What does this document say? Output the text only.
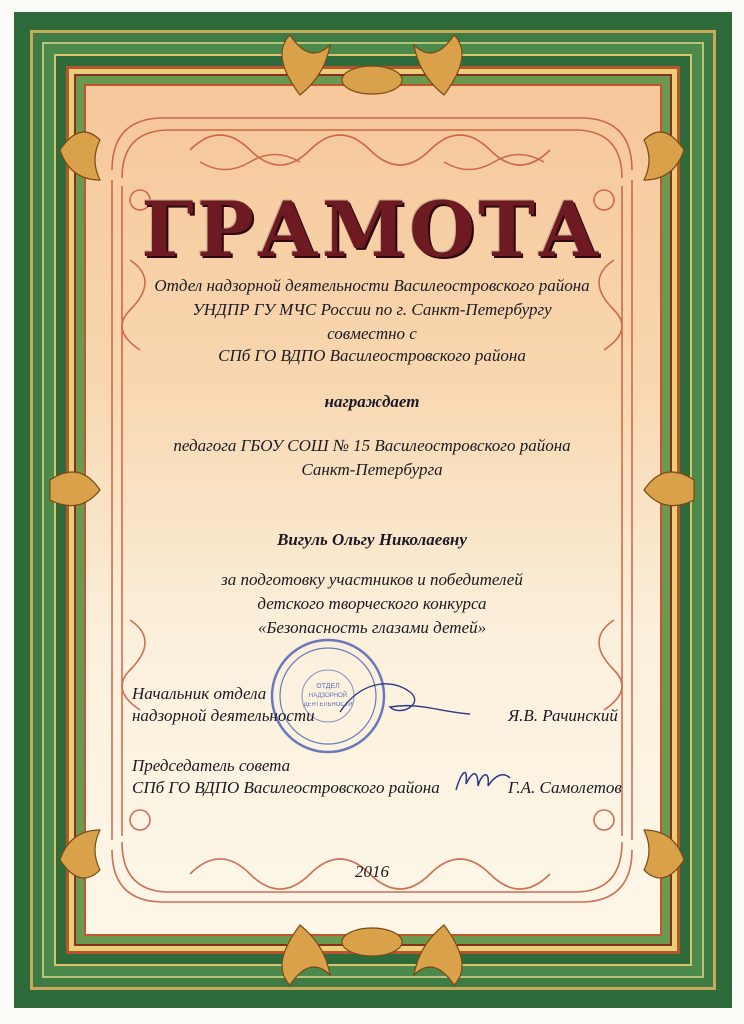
ГРАМОТА
Отдел надзорной деятельности Василеостровского района
УНДПР ГУ МЧС России по г. Санкт-Петербургу
совместно с
СПб ГО ВДПО Василеостровского района
награждает
педагога ГБОУ СОШ № 15 Василеостровского района
Санкт-Петербурга
Вигуль Ольгу Николаевну
за подготовку участников и победителей
детского творческого конкурса
«Безопасность глазами детей»
ОТДЕЛ
НАДЗОРНОЙ
ДЕЯТЕЛЬНОСТИ
Начальник отдела
надзорной деятельности	Я.В. Рачинский
Председатель совета
СПб ГО ВДПО Василеостровского района	Г.А. Самолетов
2016
